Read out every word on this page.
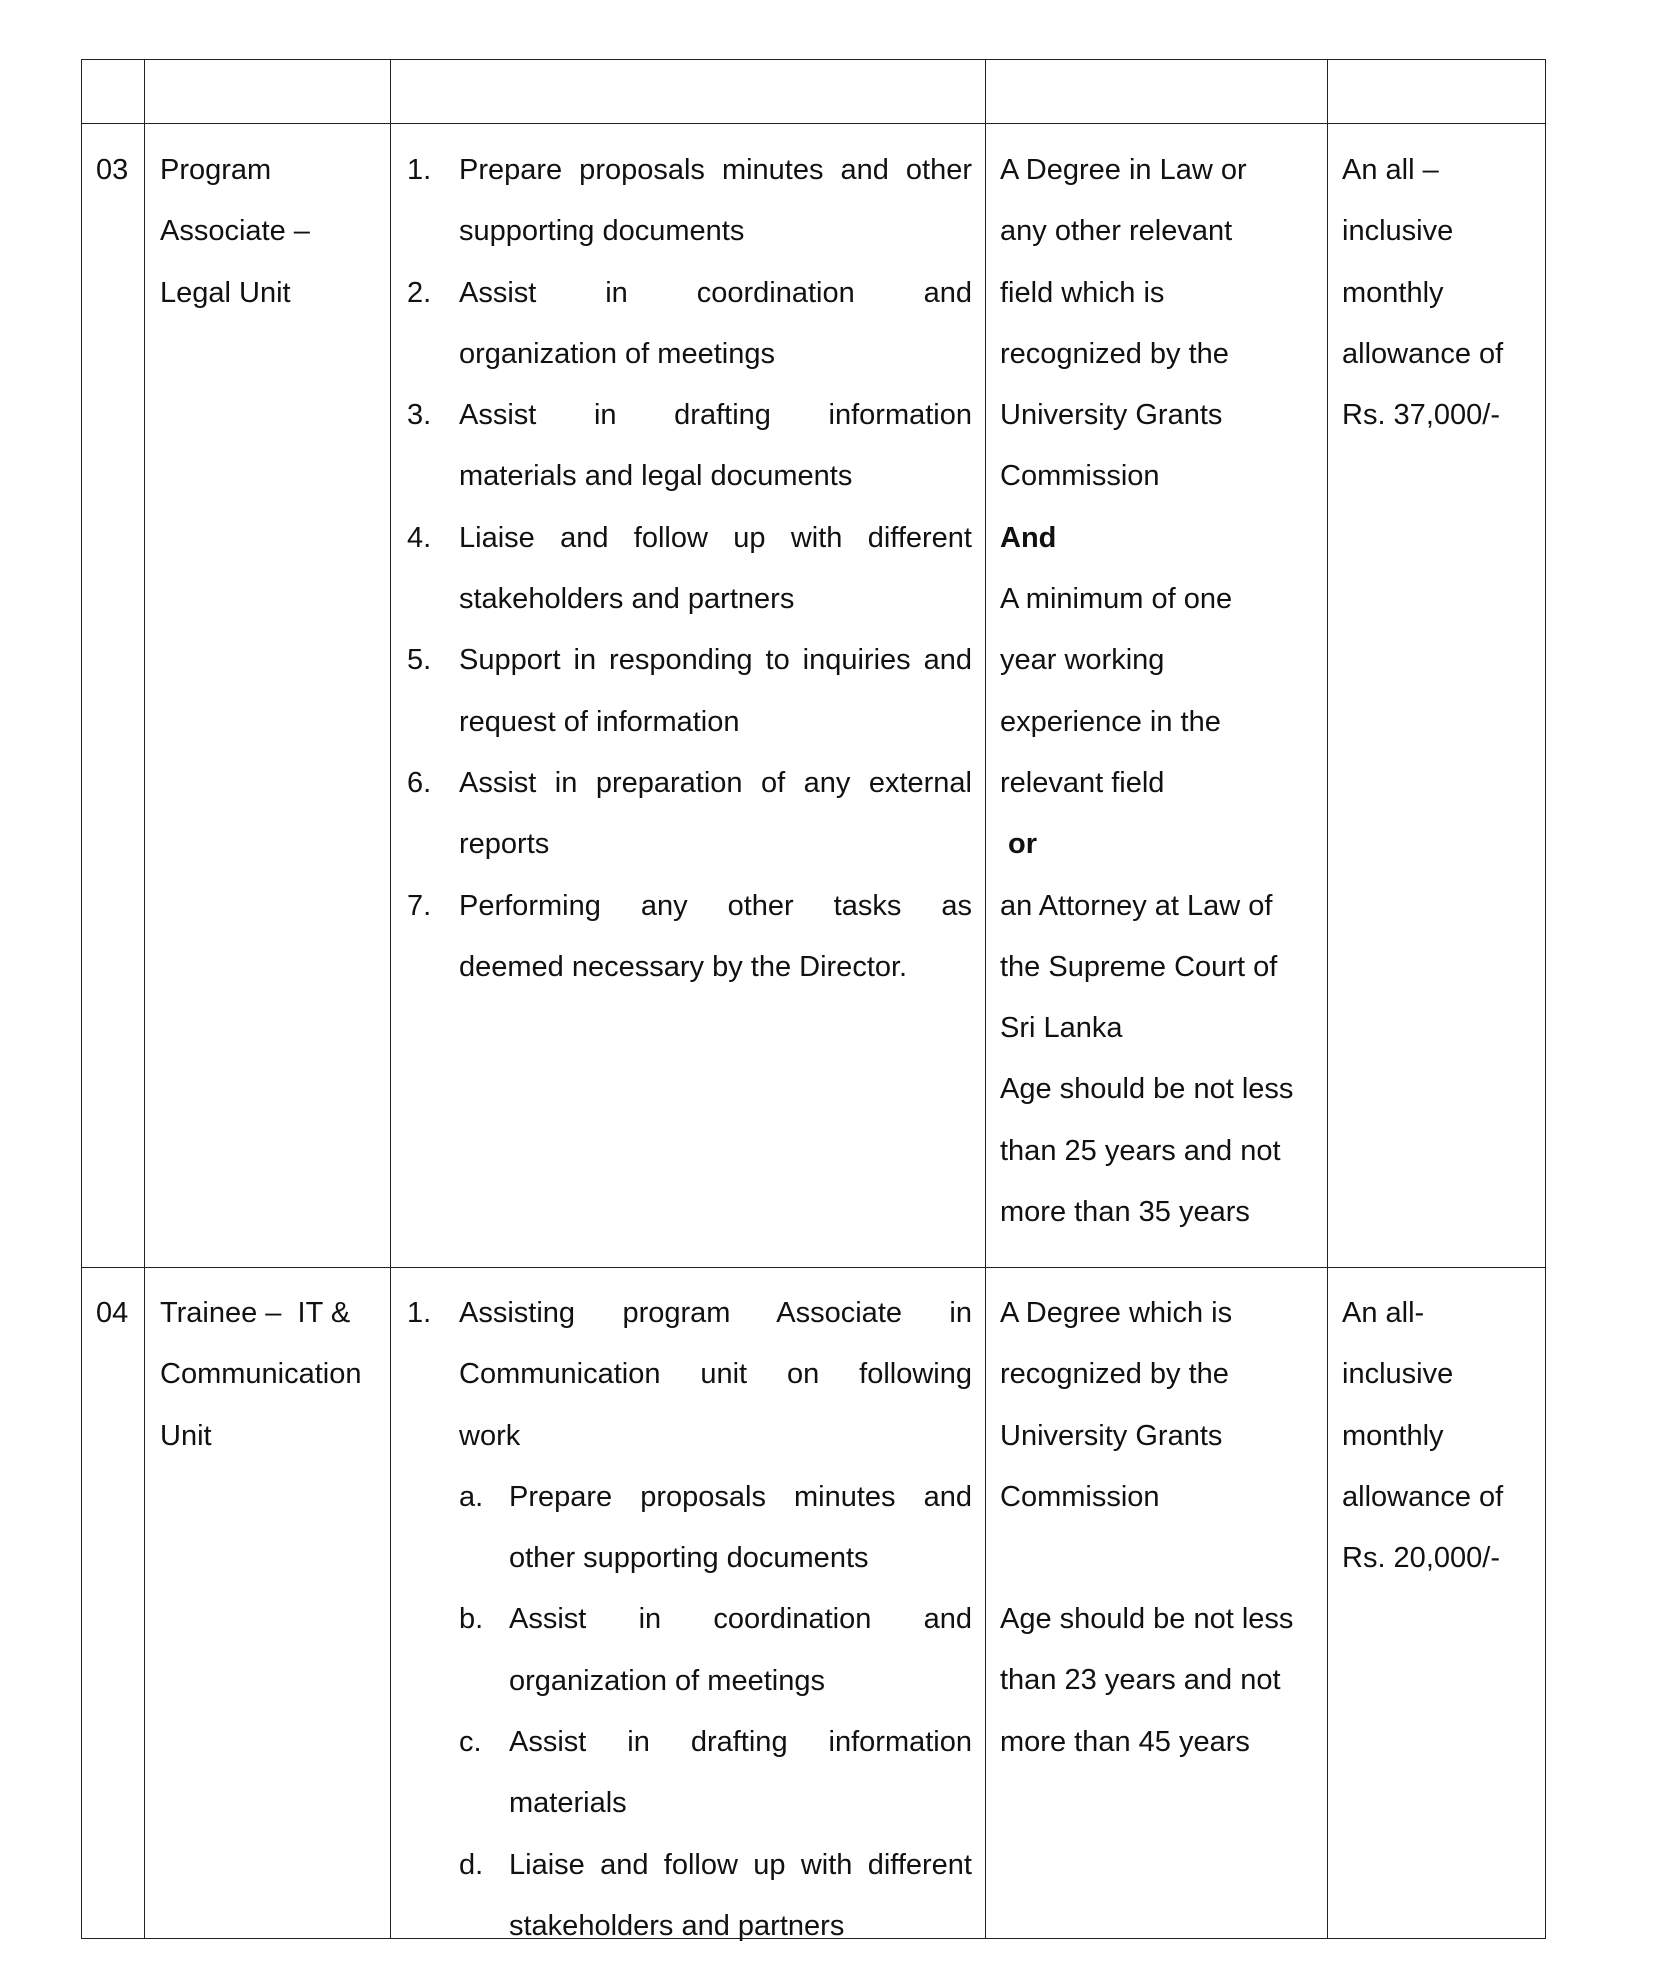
03 Program
Associate –
Legal Unit
1. Prepare proposals minutes and other
supporting documents
2. Assist in coordination and
organization of meetings
3. Assist in drafting information
materials and legal documents
4. Liaise and follow up with different
stakeholders and partners
5. Support in responding to inquiries and
request of information
6. Assist in preparation of any external
reports
7. Performing any other tasks as
deemed necessary by the Director.
A Degree in Law or
any other relevant
field which is
recognized by the
University Grants
Commission
And
A minimum of one
year working
experience in the
relevant field
or
an Attorney at Law of
the Supreme Court of
Sri Lanka
Age should be not less
than 25 years and not
more than 35 years
An all –
inclusive
monthly
allowance of
Rs. 37,000/-
04 Trainee –  IT &
Communication
Unit
1. Assisting program Associate in
Communication unit on following
work
a. Prepare proposals minutes and
other supporting documents
b. Assist in coordination and
organization of meetings
c. Assist in drafting information
materials
d. Liaise and follow up with different
stakeholders and partners
A Degree which is
recognized by the
University Grants
Commission
Age should be not less
than 23 years and not
more than 45 years
An all-
inclusive
monthly
allowance of
Rs. 20,000/-
